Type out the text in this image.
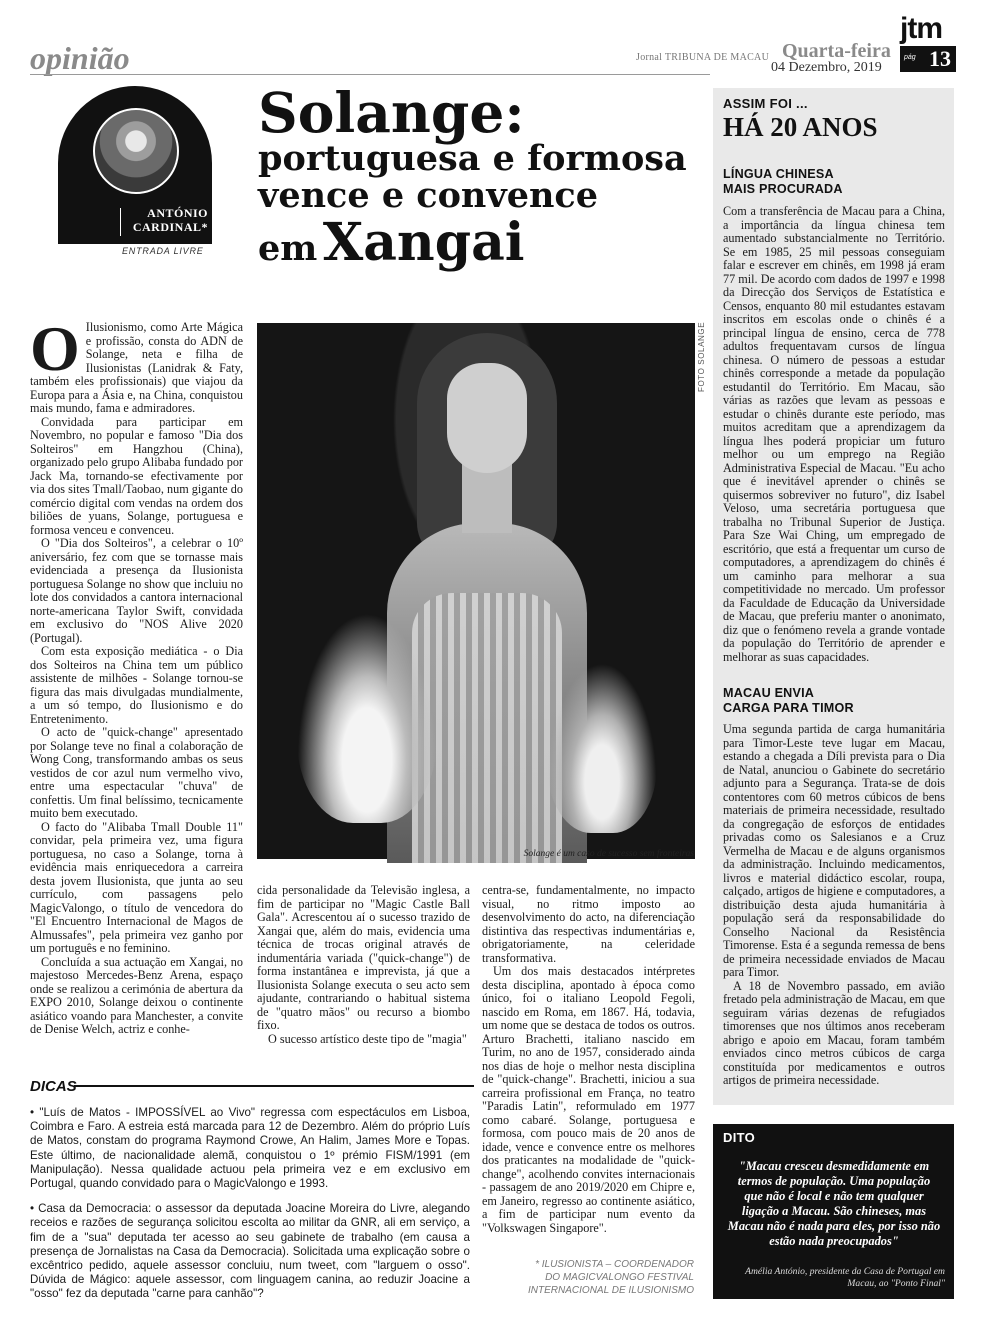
opinião	Jornal TRIBUNA DE MACAU Quarta-feira
04 Dezembro, 2019
jtm
pág 13
ANTÓNIO
CARDINAL*
ENTRADA LIVRE
Solange:
portuguesa e formosa
vence e convence
em Xangai
O Ilusionismo, como Arte Mágica e profissão, consta do ADN de Solange, neta e filha de Ilusionistas (Lanidrak & Faty, também eles profissionais) que viajou da Europa para a Ásia e, na China, conquistou mais mundo, fama e admiradores.

Convidada para participar em Novembro, no popular e famoso "Dia dos Solteiros" em Hangzhou (China), organizado pelo grupo Alibaba fundado por Jack Ma, tornando-se efectivamente por via dos sites Tmall/Taobao, num gigante do comércio digital com vendas na ordem dos biliões de yuans, Solange, portuguesa e formosa venceu e convenceu.

O "Dia dos Solteiros", a celebrar o 10º aniversário, fez com que se tornasse mais evidenciada a presença da Ilusionista portuguesa Solange no show que incluiu no lote dos convidados a cantora internacional norte-americana Taylor Swift, convidada em exclusivo do "NOS Alive 2020 (Portugal).

Com esta exposição mediática - o Dia dos Solteiros na China tem um público assistente de milhões - Solange tornou-se figura das mais divulgadas mundialmente, a um só tempo, do Ilusionismo e do Entretenimento.

O acto de "quick-change" apresentado por Solange teve no final a colaboração de Wong Cong, transformando ambas os seus vestidos de cor azul num vermelho vivo, entre uma espectacular "chuva" de confettis. Um final belíssimo, tecnicamente muito bem executado.

O facto do "Alibaba Tmall Double 11" convidar, pela primeira vez, uma figura portuguesa, no caso a Solange, torna à evidência mais enriquecedora a carreira desta jovem Ilusionista, que junta ao seu currículo, com passagens pelo MagicValongo, o título de vencedora do "El Encuentro Internacional de Magos de Almussafes", pela primeira vez ganho por um português e no feminino.

Concluída a sua actuação em Xangai, no majestoso Mercedes-Benz Arena, espaço onde se realizou a cerimónia de abertura da EXPO 2010, Solange deixou o continente asiático voando para Manchester, a convite de Denise Welch, actriz e conhe-

FOTO SOLANGE
Solange é um caso de sucesso sem fronteiras

cida personalidade da Televisão inglesa, a fim de participar no "Magic Castle Ball Gala". Acrescentou aí o sucesso trazido de Xangai que, além do mais, evidencia uma técnica de trocas original através de indumentária variada ("quick-change") de forma instantânea e imprevista, já que a Ilusionista Solange executa o seu acto sem ajudante, contrariando o habitual sistema de "quatro mãos" ou recurso a biombo fixo.

O sucesso artístico deste tipo de "magia"

centra-se, fundamentalmente, no impacto visual, no ritmo imposto ao desenvolvimento do acto, na diferenciação distintiva das respectivas indumentárias e, obrigatoriamente, na celeridade transformativa.

Um dos mais destacados intérpretes desta disciplina, apontado à época como único, foi o italiano Leopold Fegoli, nascido em Roma, em 1867. Há, todavia, um nome que se destaca de todos os outros. Arturo Brachetti, italiano nascido em Turim, no ano de 1957, considerado ainda nos dias de hoje o melhor nesta disciplina de "quick-change". Brachetti, iniciou a sua carreira profissional em França, no teatro "Paradis Latin", reformulado em 1977 como cabaré. Solange, portuguesa e formosa, com pouco mais de 20 anos de idade, vence e convence entre os melhores dos praticantes na modalidade de "quick-change", acolhendo convites internacionais - passagem de ano 2019/2020 em Chipre e, em Janeiro, regresso ao continente asiático, a fim de participar num evento da "Volkswagen Singapore".

* ILUSIONISTA – COORDENADOR DO MAGICVALONGO FESTIVAL INTERNACIONAL DE ILUSIONISMO
DICAS

• "Luís de Matos - IMPOSSÍVEL ao Vivo" regressa com espectáculos em Lisboa, Coimbra e Faro. A estreia está marcada para 12 de Dezembro. Além do próprio Luís de Matos, constam do programa Raymond Crowe, An Halim, James More e Topas. Este último, de nacionalidade alemã, conquistou o 1º prémio FISM/1991 (em Manipulação). Nessa qualidade actuou pela primeira vez e em exclusivo em Portugal, quando convidado para o MagicValongo e 1993.

• Casa da Democracia: o assessor da deputada Joacine Moreira do Livre, alegando receios e razões de segurança solicitou escolta ao militar da GNR, ali em serviço, a fim de a "sua" deputada ter acesso ao seu gabinete de trabalho (em causa a presença de Jornalistas na Casa da Democracia). Solicitada uma explicação sobre o excêntrico pedido, aquele assessor concluiu, num tweet, com "larguem o osso". Dúvida de Mágico: aquele assessor, com linguagem canina, ao reduzir Joacine a "osso" fez da deputada "carne para canhão"?

ASSIM FOI ...
HÁ 20 ANOS
LÍNGUA CHINESA
MAIS PROCURADA

Com a transferência de Macau para a China, a importância da língua chinesa tem aumentado substancialmente no Território. Se em 1985, 25 mil pessoas conseguiam falar e escrever em chinês, em 1998 já eram 77 mil. De acordo com dados de 1997 e 1998 da Direcção dos Serviços de Estatística e Censos, enquanto 80 mil estudantes estavam inscritos em escolas onde o chinês é a principal língua de ensino, cerca de 778 adultos frequentavam cursos de língua chinesa. O número de pessoas a estudar chinês corresponde a metade da população estudantil do Território. Em Macau, são várias as razões que levam as pessoas e estudar o chinês durante este período, mas muitos acreditam que a aprendizagem da língua lhes poderá propiciar um futuro melhor ou um emprego na Região Administrativa Especial de Macau. "Eu acho que é inevitável aprender o chinês se quisermos sobreviver no futuro", diz Isabel Veloso, uma secretária portuguesa que trabalha no Tribunal Superior de Justiça. Para Sze Wai Ching, um empregado de escritório, que está a frequentar um curso de computadores, a aprendizagem do chinês é um caminho para melhorar a sua competitividade no mercado. Um professor da Faculdade de Educação da Universidade de Macau, que preferiu manter o anonimato, diz que o fenómeno revela a grande vontade da população do Território de aprender e melhorar as suas capacidades.

MACAU ENVIA
CARGA PARA TIMOR

Uma segunda partida de carga humanitária para Timor-Leste teve lugar em Macau, estando a chegada a Díli prevista para o Dia de Natal, anunciou o Gabinete do secretário adjunto para a Segurança. Trata-se de dois contentores com 60 metros cúbicos de bens materiais de primeira necessidade, resultado da congregação de esforços de entidades privadas como os Salesianos e a Cruz Vermelha de Macau e de alguns organismos da administração. Incluindo medicamentos, livros e material didáctico escolar, roupa, calçado, artigos de higiene e computadores, a distribuição desta ajuda humanitária à população será da responsabilidade do Conselho Nacional da Resistência Timorense. Esta é a segunda remessa de bens de primeira necessidade enviados de Macau para Timor.

A 18 de Novembro passado, em avião fretado pela administração de Macau, em que seguiram várias dezenas de refugiados timorenses que nos últimos anos receberam abrigo e apoio em Macau, foram também enviados cinco metros cúbicos de carga constituída por medicamentos e outros artigos de primeira necessidade.

DITO
"Macau cresceu desmedidamente em termos de população. Uma população que não é local e não tem qualquer ligação a Macau. São chineses, mas Macau não é nada para eles, por isso não estão nada preocupados"
Amélia António, presidente da Casa de Portugal em Macau, ao "Ponto Final"
